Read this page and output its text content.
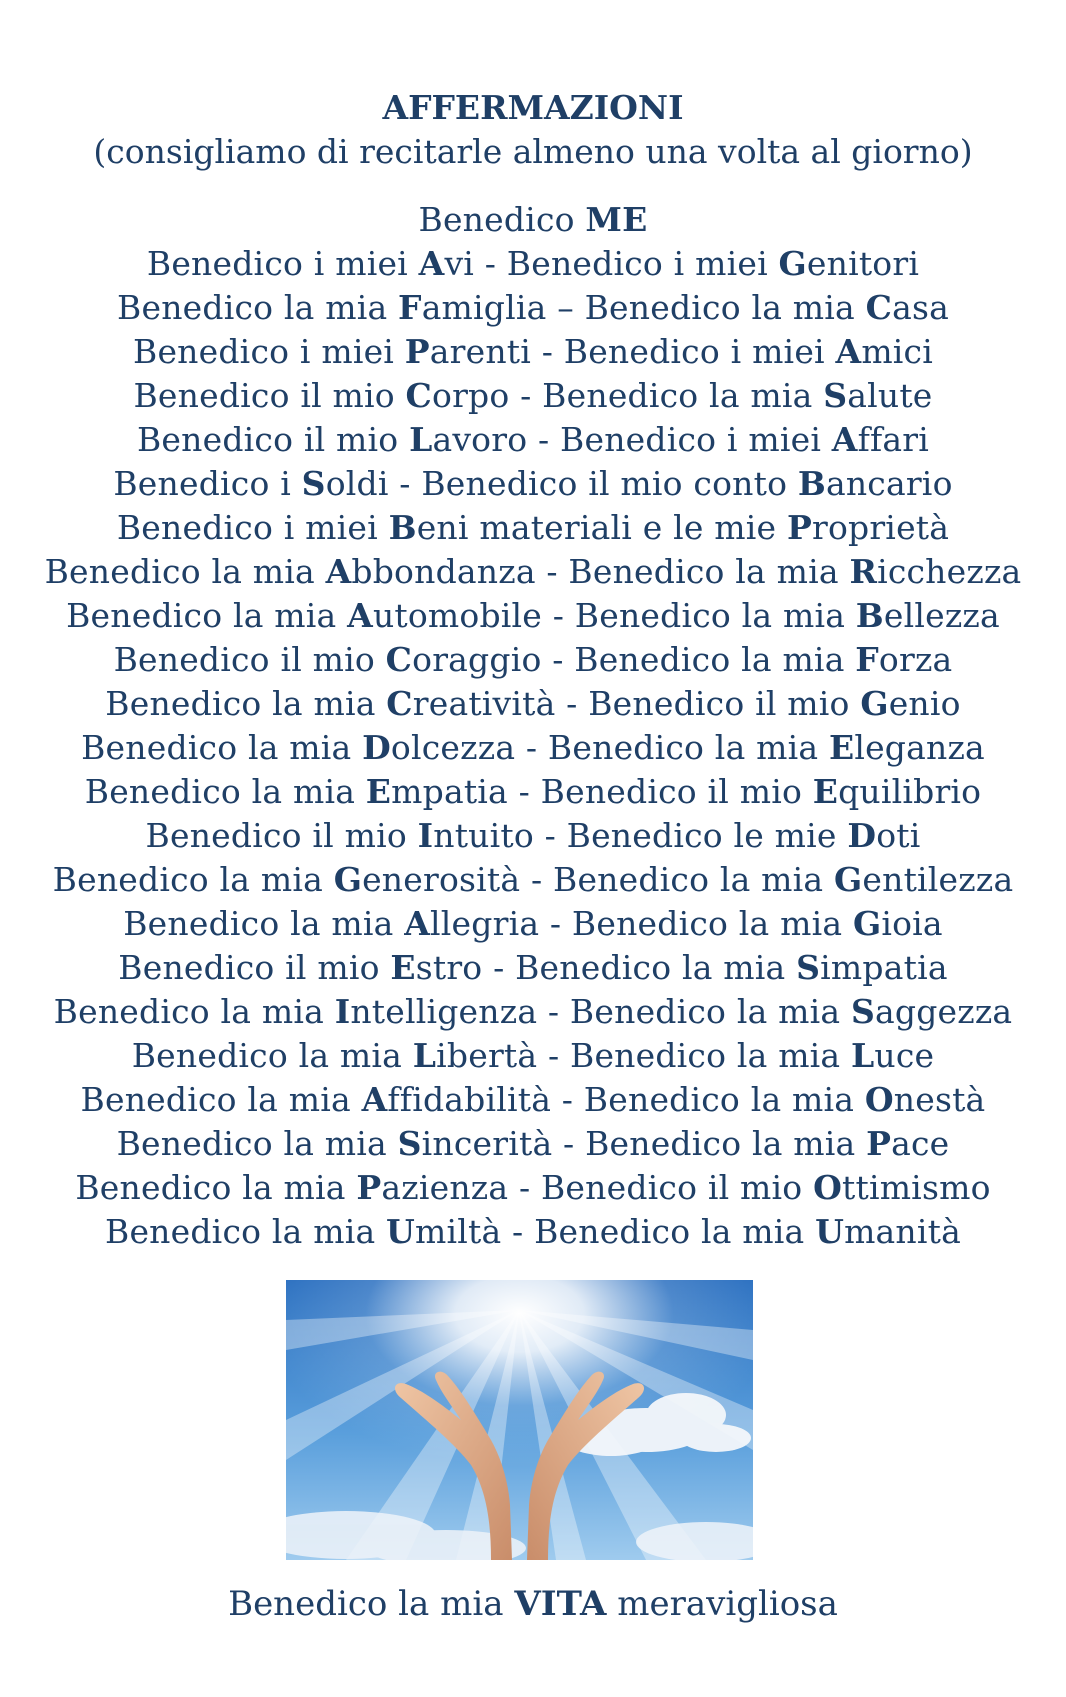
AFFERMAZIONI
(consigliamo di recitarle almeno una volta al giorno)
Benedico ME
Benedico i miei Avi - Benedico i miei Genitori
Benedico la mia Famiglia – Benedico la mia Casa
Benedico i miei Parenti - Benedico i miei Amici
Benedico il mio Corpo - Benedico la mia Salute
Benedico il mio Lavoro - Benedico i miei Affari
Benedico i Soldi - Benedico il mio conto Bancario
Benedico i miei Beni materiali e le mie Proprietà
Benedico la mia Abbondanza - Benedico la mia Ricchezza
Benedico la mia Automobile - Benedico la mia Bellezza
Benedico il mio Coraggio - Benedico la mia Forza
Benedico la mia Creatività - Benedico il mio Genio
Benedico la mia Dolcezza - Benedico la mia Eleganza
Benedico la mia Empatia - Benedico il mio Equilibrio
Benedico il mio Intuito - Benedico le mie Doti
Benedico la mia Generosità - Benedico la mia Gentilezza
Benedico la mia Allegria - Benedico la mia Gioia
Benedico il mio Estro - Benedico la mia Simpatia
Benedico la mia Intelligenza - Benedico la mia Saggezza
Benedico la mia Libertà - Benedico la mia Luce
Benedico la mia Affidabilità - Benedico la mia Onestà
Benedico la mia Sincerità - Benedico la mia Pace
Benedico la mia Pazienza - Benedico il mio Ottimismo
Benedico la mia Umiltà - Benedico la mia Umanità
Benedico la mia VITA meravigliosa
